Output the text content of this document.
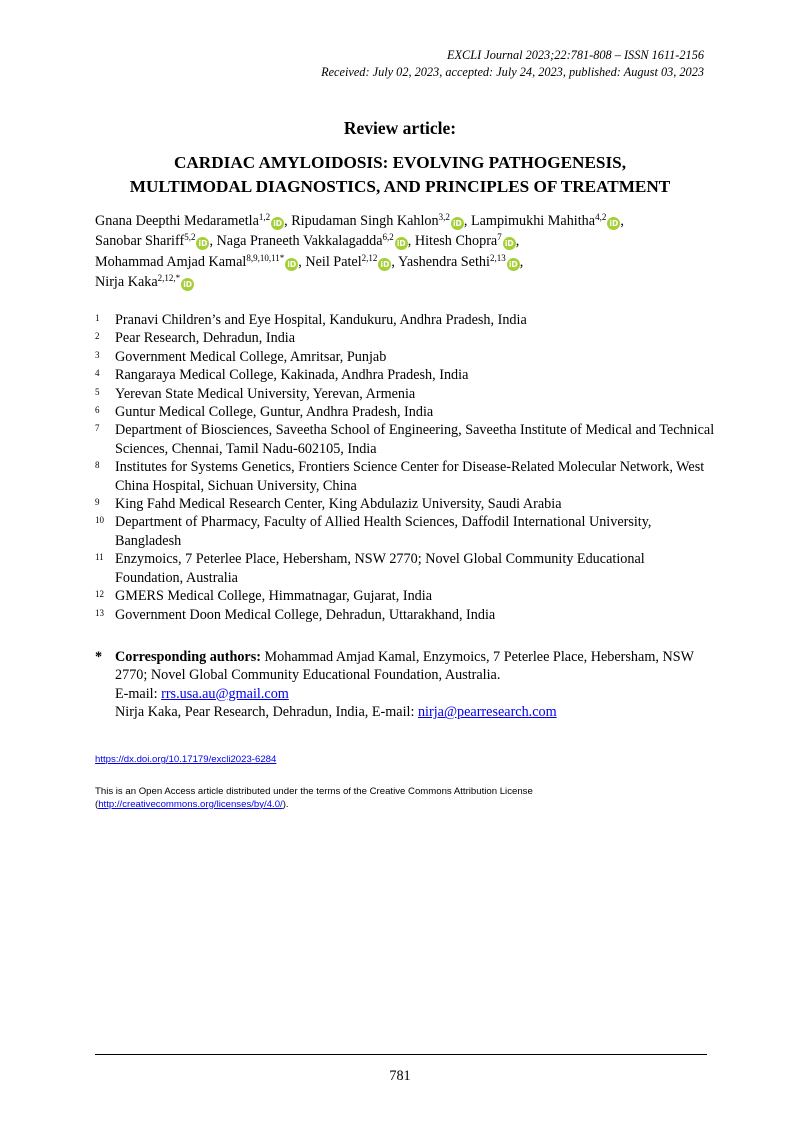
EXCLI Journal 2023;22:781-808 – ISSN 1611-2156
Received: July 02, 2023, accepted: July 24, 2023, published: August 03, 2023
Review article:
CARDIAC AMYLOIDOSIS: EVOLVING PATHOGENESIS,
MULTIMODAL DIAGNOSTICS, AND PRINCIPLES OF TREATMENT
Gnana Deepthi Medarametla$^{1,2}$iD , Ripudaman Singh Kahlon$^{3,2}$iD , Lampimukhi Mahitha$^{4,2}$iD ,
Sanobar Shariff$^{5,2}$iD , Naga Praneeth Vakkalagadda$^{6,2}$iD , Hitesh Chopra$^7$iD ,
Mohammad Amjad Kamal$^{8,9,10,11*}$iD , Neil Patel$^{2,12}$iD , Yashendra Sethi$^{2,13}$iD ,
Nirja Kaka$^{2,12,*}$iD
1	Pranavi Children’s and Eye Hospital, Kandukuru, Andhra Pradesh, India
2	Pear Research, Dehradun, India
3	Government Medical College, Amritsar, Punjab
4	Rangaraya Medical College, Kakinada, Andhra Pradesh, India
5	Yerevan State Medical University, Yerevan, Armenia
6	Guntur Medical College, Guntur, Andhra Pradesh, India
7	Department of Biosciences, Saveetha School of Engineering, Saveetha Institute of Medical and Technical Sciences, Chennai, Tamil Nadu-602105, India
8	Institutes for Systems Genetics, Frontiers Science Center for Disease-Related Molecular Network, West China Hospital, Sichuan University, China
9	King Fahd Medical Research Center, King Abdulaziz University, Saudi Arabia
10 Department of Pharmacy, Faculty of Allied Health Sciences, Daffodil International University, Bangladesh
11 Enzymoics, 7 Peterlee Place, Hebersham, NSW 2770; Novel Global Community Educational Foundation, Australia
12 GMERS Medical College, Himmatnagar, Gujarat, India
13 Government Doon Medical College, Dehradun, Uttarakhand, India
* Corresponding authors: Mohammad Amjad Kamal, Enzymoics, 7 Peterlee Place, Hebersham, NSW 2770; Novel Global Community Educational Foundation, Australia.
E-mail: rrs.usa.au@gmail.com
Nirja Kaka, Pear Research, Dehradun, India, E-mail: nirja@pearresearch.com
https://dx.doi.org/10.17179/excli2023-6284
This is an Open Access article distributed under the terms of the Creative Commons Attribution License
(http://creativecommons.org/licenses/by/4.0/).
781
